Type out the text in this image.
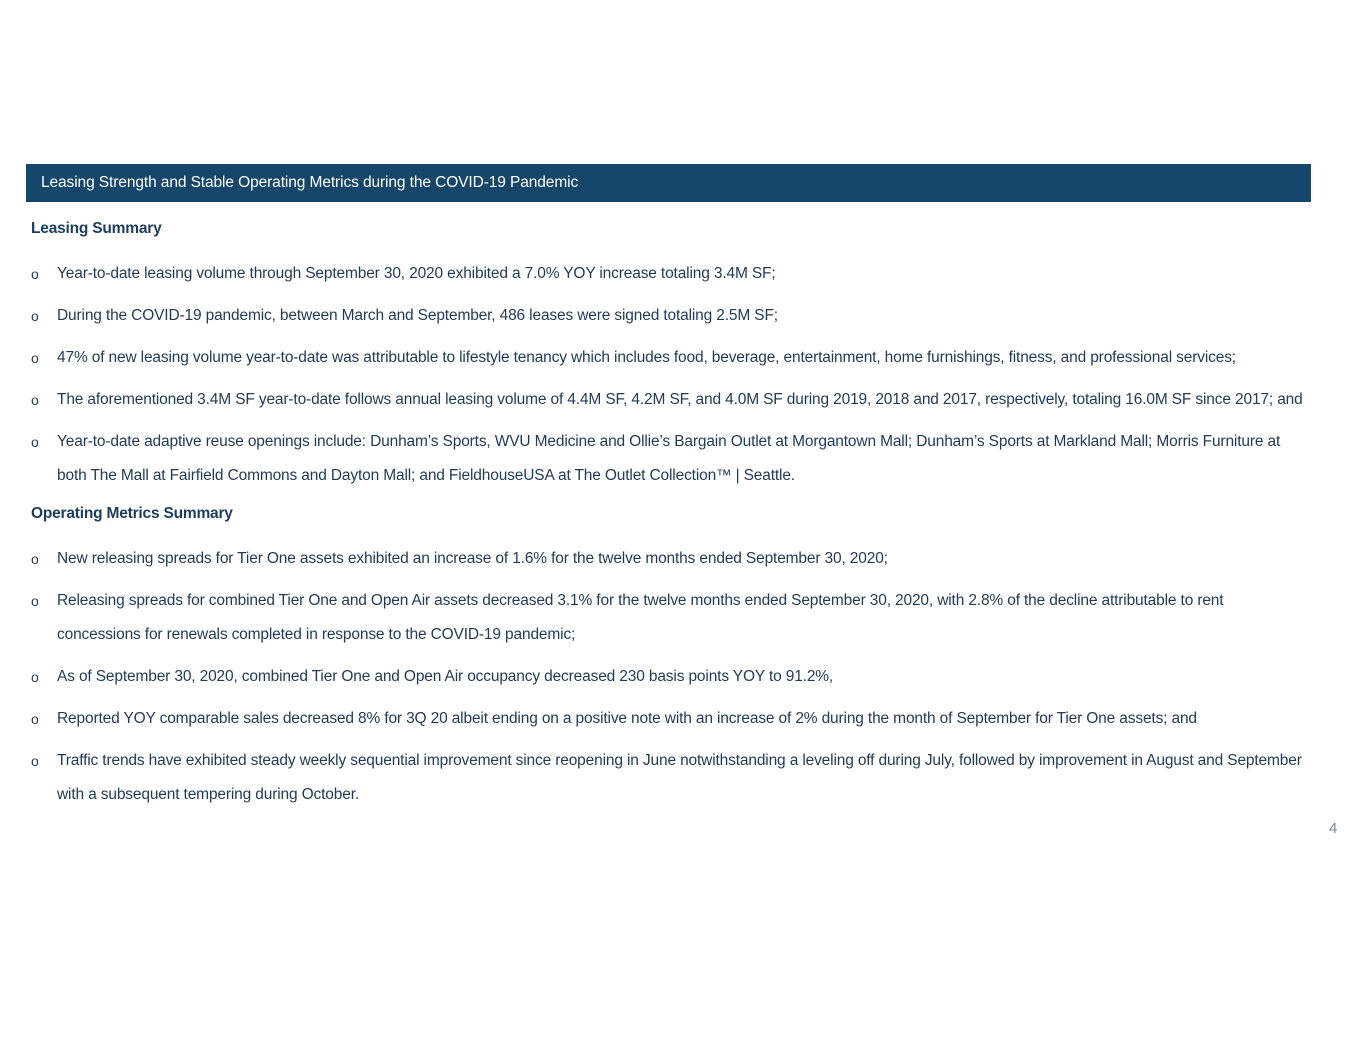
Leasing Strength and Stable Operating Metrics during the COVID-19 Pandemic
Leasing Summary
o	Year-to-date leasing volume through September 30, 2020 exhibited a 7.0% YOY increase totaling 3.4M SF;
o	During the COVID-19 pandemic, between March and September, 486 leases were signed totaling 2.5M SF;
o	47% of new leasing volume year-to-date was attributable to lifestyle tenancy which includes food, beverage, entertainment, home furnishings, fitness, and professional services;
o	The aforementioned 3.4M SF year-to-date follows annual leasing volume of 4.4M SF, 4.2M SF, and 4.0M SF during 2019, 2018 and 2017, respectively, totaling 16.0M SF since 2017; and
o	Year-to-date adaptive reuse openings include: Dunham’s Sports, WVU Medicine and Ollie’s Bargain Outlet at Morgantown Mall; Dunham’s Sports at Markland Mall; Morris Furniture at both The Mall at Fairfield Commons and Dayton Mall; and FieldhouseUSA at The Outlet Collection™ | Seattle.
Operating Metrics Summary
o	New releasing spreads for Tier One assets exhibited an increase of 1.6% for the twelve months ended September 30, 2020;
o	Releasing spreads for combined Tier One and Open Air assets decreased 3.1% for the twelve months ended September 30, 2020, with 2.8% of the decline attributable to rent concessions for renewals completed in response to the COVID-19 pandemic;
o	As of September 30, 2020, combined Tier One and Open Air occupancy decreased 230 basis points YOY to 91.2%,
o	Reported YOY comparable sales decreased 8% for 3Q 20 albeit ending on a positive note with an increase of 2% during the month of September for Tier One assets; and
o	Traffic trends have exhibited steady weekly sequential improvement since reopening in June notwithstanding a leveling off during July, followed by improvement in August and September with a subsequent tempering during October.
4
